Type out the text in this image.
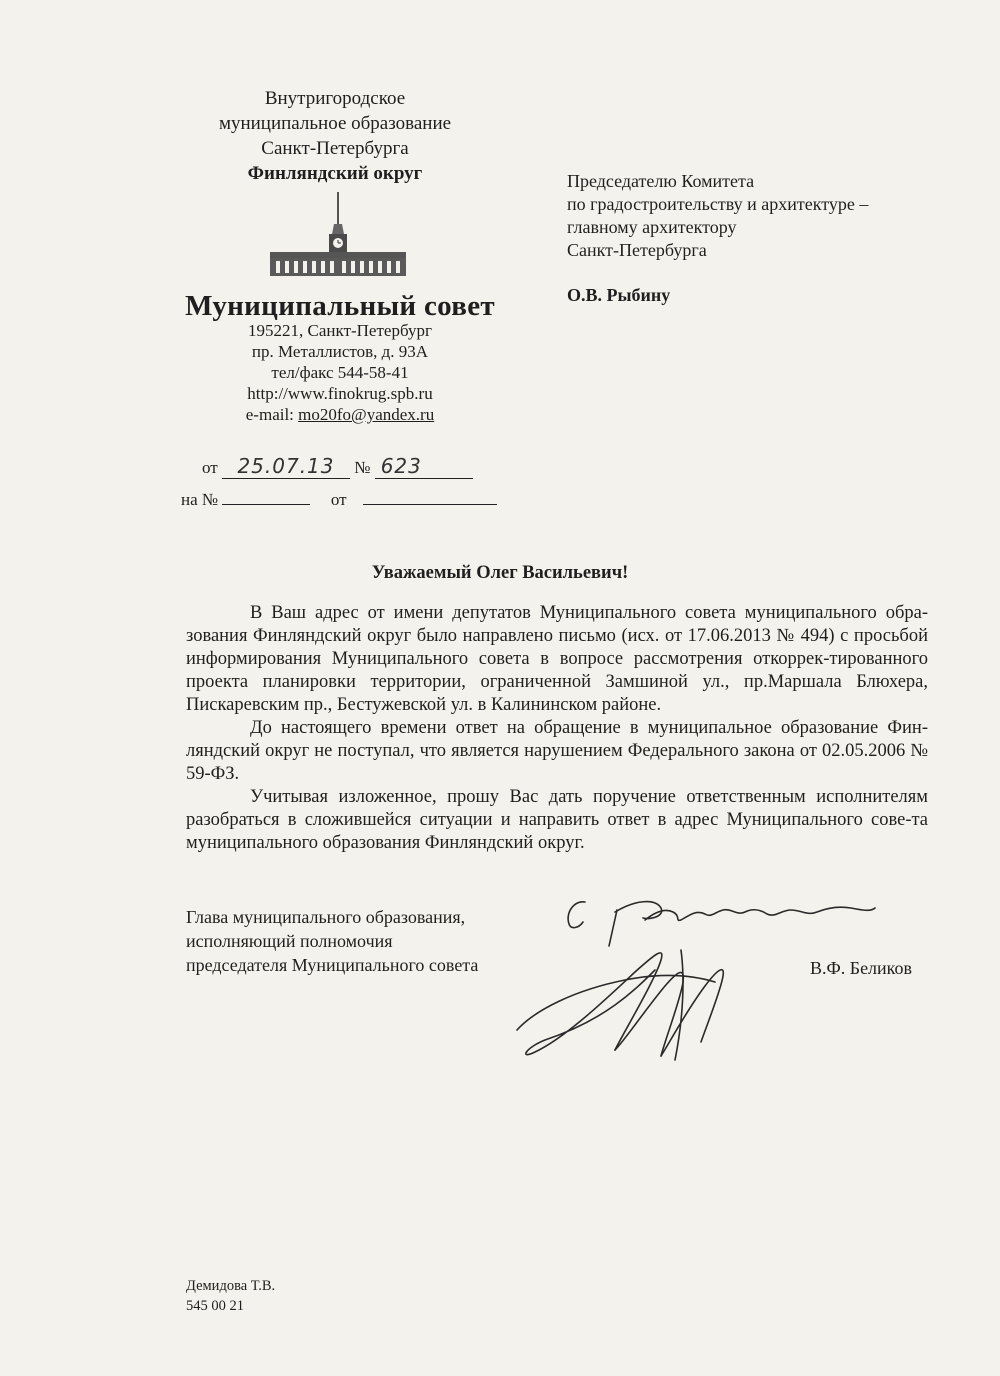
Внутригородское
муниципальное образование
Санкт-Петербурга
Финляндский округ
Муниципальный совет
195221, Санкт-Петербург
пр. Металлистов, д. 93А
тел/факс 544-58-41
http://www.finokrug.spb.ru
e-mail: mo20fo@yandex.ru
от 25.07.13 № 623
на №	от
Председателю Комитета
по градостроительству и архитектуре –
главному архитектору
Санкт-Петербурга
О.В. Рыбину
Уважаемый Олег Васильевич!

В Ваш адрес от имени депутатов Муниципального совета муниципального обра-зования Финляндский округ было направлено письмо (исх. от 17.06.2013 № 494) с просьбой информирования Муниципального совета в вопросе рассмотрения откоррек-тированного проекта планировки территории, ограниченной Замшиной ул., пр.Маршала Блюхера, Пискаревским пр., Бестужевской ул. в Калининском районе.

До настоящего времени ответ на обращение в муниципальное образование Фин-ляндский округ не поступал, что является нарушением Федерального закона от 02.05.2006 № 59-ФЗ.

Учитывая изложенное, прошу Вас дать поручение ответственным исполнителям разобраться в сложившейся ситуации и направить ответ в адрес Муниципального сове-та муниципального образования Финляндский округ.

Глава муниципального образования,
исполняющий полномочия
председателя Муниципального совета	В.Ф. Беликов
Демидова Т.В.
545 00 21
